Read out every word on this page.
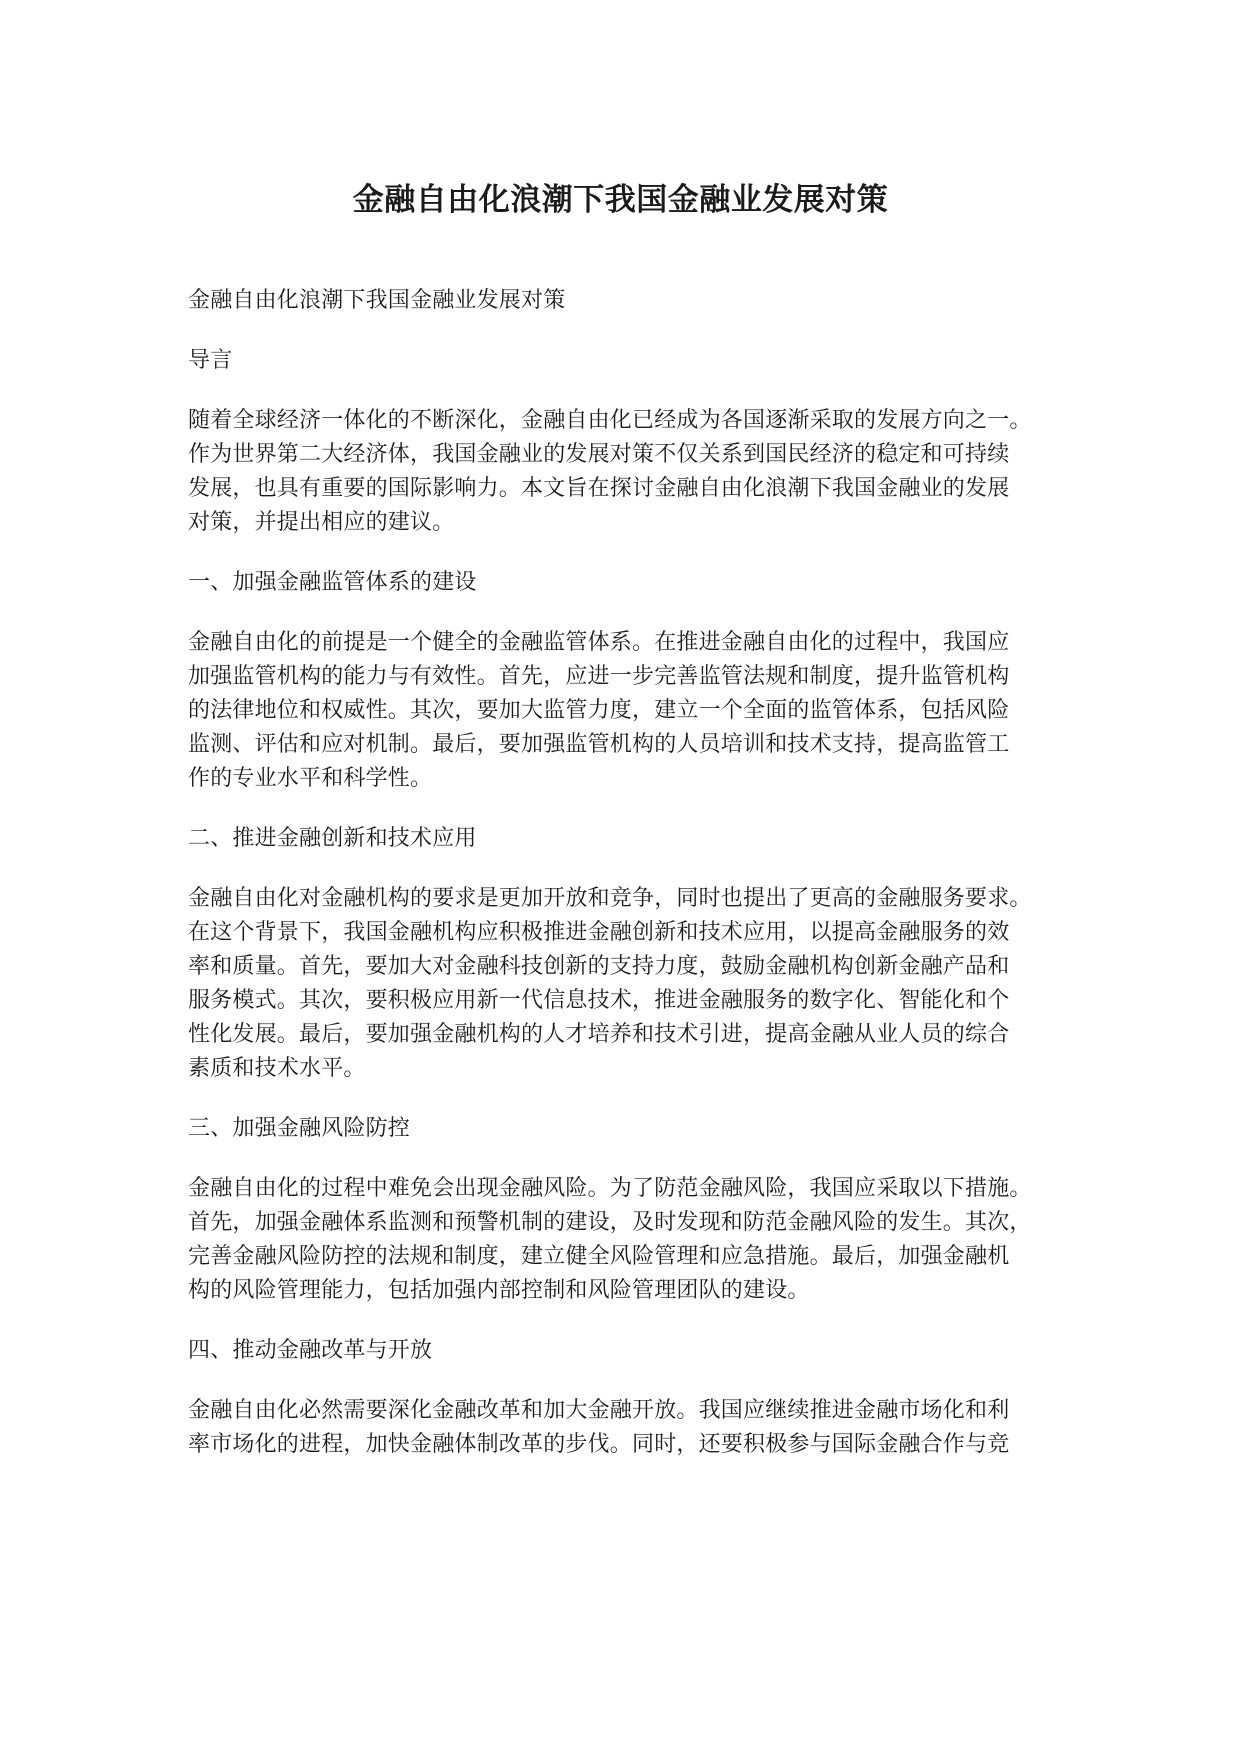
金融自由化浪潮下我国金融业发展对策
金融自由化浪潮下我国金融业发展对策
导言
随着全球经济一体化的不断深化，金融自由化已经成为各国逐渐采取的发展方向之一。
作为世界第二大经济体，我国金融业的发展对策不仅关系到国民经济的稳定和可持续
发展，也具有重要的国际影响力。本文旨在探讨金融自由化浪潮下我国金融业的发展
对策，并提出相应的建议。
一、加强金融监管体系的建设
金融自由化的前提是一个健全的金融监管体系。在推进金融自由化的过程中，我国应
加强监管机构的能力与有效性。首先，应进一步完善监管法规和制度，提升监管机构
的法律地位和权威性。其次，要加大监管力度，建立一个全面的监管体系，包括风险
监测、评估和应对机制。最后，要加强监管机构的人员培训和技术支持，提高监管工
作的专业水平和科学性。
二、推进金融创新和技术应用
金融自由化对金融机构的要求是更加开放和竞争，同时也提出了更高的金融服务要求。
在这个背景下，我国金融机构应积极推进金融创新和技术应用，以提高金融服务的效
率和质量。首先，要加大对金融科技创新的支持力度，鼓励金融机构创新金融产品和
服务模式。其次，要积极应用新一代信息技术，推进金融服务的数字化、智能化和个
性化发展。最后，要加强金融机构的人才培养和技术引进，提高金融从业人员的综合
素质和技术水平。
三、加强金融风险防控
金融自由化的过程中难免会出现金融风险。为了防范金融风险，我国应采取以下措施。
首先，加强金融体系监测和预警机制的建设，及时发现和防范金融风险的发生。其次，
完善金融风险防控的法规和制度，建立健全风险管理和应急措施。最后，加强金融机
构的风险管理能力，包括加强内部控制和风险管理团队的建设。
四、推动金融改革与开放
金融自由化必然需要深化金融改革和加大金融开放。我国应继续推进金融市场化和利
率市场化的进程，加快金融体制改革的步伐。同时，还要积极参与国际金融合作与竞
